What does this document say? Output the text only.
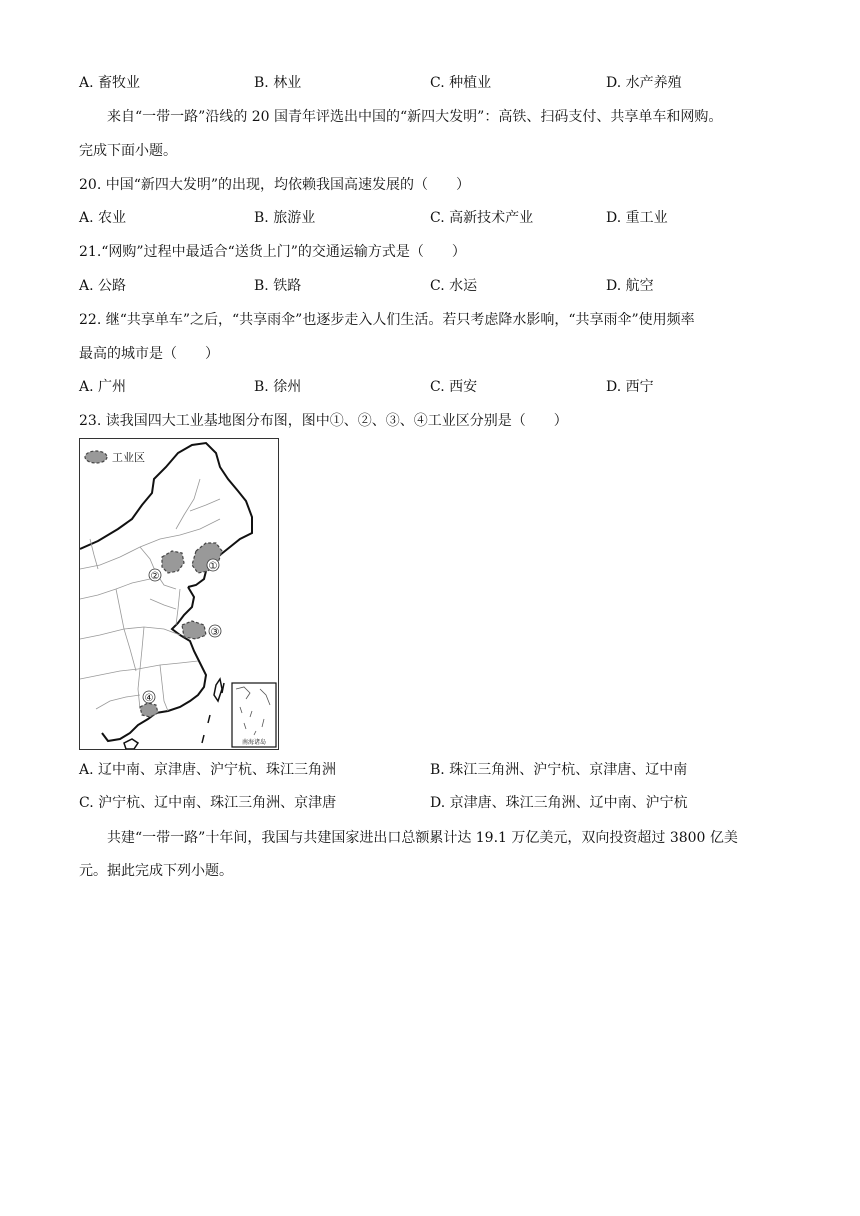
A. 畜牧业	B. 林业	C. 种植业	D. 水产养殖
来自“一带一路”沿线的 20 国青年评选出中国的“新四大发明”：高铁、扫码支付、共享单车和网购。
完成下面小题。
20. 中国“新四大发明”的出现，均依赖我国高速发展的（　　）
A. 农业	B. 旅游业	C. 高新技术产业	D. 重工业
21.“网购”过程中最适合“送货上门”的交通运输方式是（　　）
A. 公路	B. 铁路	C. 水运	D. 航空
22. 继“共享单车”之后，“共享雨伞”也逐步走入人们生活。若只考虑降水影响，“共享雨伞”使用频率
最高的城市是（　　）
A. 广州	B. 徐州	C. 西安	D. 西宁
23. 读我国四大工业基地图分布图，图中①、②、③、④工业区分别是（　　）
工业区
①
②
③
④
南海诸岛
A. 辽中南、京津唐、沪宁杭、珠江三角洲	B. 珠江三角洲、沪宁杭、京津唐、辽中南
C. 沪宁杭、辽中南、珠江三角洲、京津唐	D. 京津唐、珠江三角洲、辽中南、沪宁杭
共建“一带一路”十年间，我国与共建国家进出口总额累计达 19.1 万亿美元，双向投资超过 3800 亿美
元。据此完成下列小题。
